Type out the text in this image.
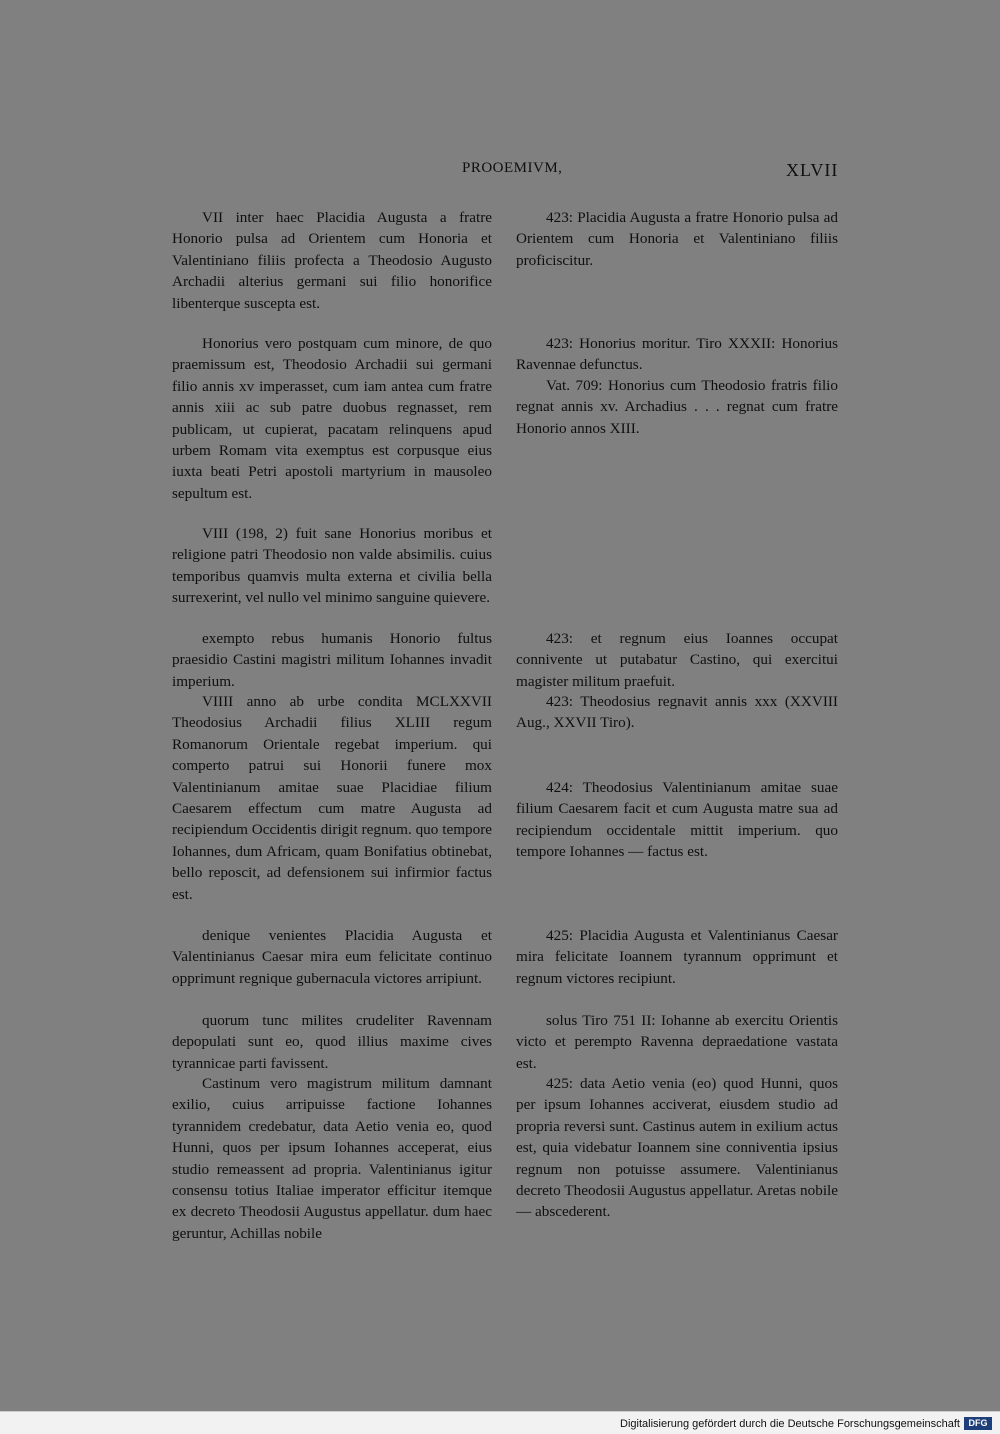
PROOEMIVM,	XLVII

VII inter haec Placidia Augusta a fratre Honorio pulsa ad Orientem cum Honoria et Valentiniano filiis profecta a Theodosio Augusto Archadii alterius germani sui filio honorifice libenterque suscepta est.

Honorius vero postquam cum minore, de quo praemissum est, Theodosio Archadii sui germani filio annis xv imperasset, cum iam antea cum fratre annis xiii ac sub patre duobus regnasset, rem publicam, ut cupierat, pacatam relinquens apud urbem Romam vita exemptus est corpusque eius iuxta beati Petri apostoli martyrium in mausoleo sepultum est.

VIII (198, 2) fuit sane Honorius moribus et religione patri Theodosio non valde absimilis. cuius temporibus quamvis multa externa et civilia bella surrexerint, vel nullo vel minimo sanguine quievere.

exempto rebus humanis Honorio fultus praesidio Castini magistri militum Iohannes invadit imperium.

VIIII anno ab urbe condita MCLXXVII Theodosius Archadii filius XLIII regum Romanorum Orientale regebat imperium. qui comperto patrui sui Honorii funere mox Valentinianum amitae suae Placidiae filium Caesarem effectum cum matre Augusta ad recipiendum Occidentis dirigit regnum. quo tempore Iohannes, dum Africam, quam Bonifatius obtinebat, bello reposcit, ad defensionem sui infirmior factus est.

denique venientes Placidia Augusta et Valentinianus Caesar mira eum felicitate continuo opprimunt regnique gubernacula victores arripiunt.

quorum tunc milites crudeliter Ravennam depopulati sunt eo, quod illius maxime cives tyrannicae parti favissent.

Castinum vero magistrum militum damnant exilio, cuius arripuisse factione Iohannes tyrannidem credebatur, data Aetio venia eo, quod Hunni, quos per ipsum Iohannes acceperat, eius studio remeassent ad propria. Valentinianus igitur consensu totius Italiae imperator efficitur itemque ex decreto Theodosii Augustus appellatur. dum haec geruntur, Achillas nobile

423: Placidia Augusta a fratre Honorio pulsa ad Orientem cum Honoria et Valentiniano filiis proficiscitur.

423: Honorius moritur. Tiro XXXII: Honorius Ravennae defunctus.

Vat. 709: Honorius cum Theodosio fratris filio regnat annis xv. Archadius . . . regnat cum fratre Honorio annos XIII.

423: et regnum eius Ioannes occupat connivente ut putabatur Castino, qui exercitui magister militum praefuit.

423: Theodosius regnavit annis xxx (XXVIII Aug., XXVII Tiro).

424: Theodosius Valentinianum amitae suae filium Caesarem facit et cum Augusta matre sua ad recipiendum occidentale mittit imperium. quo tempore Iohannes — factus est.

425: Placidia Augusta et Valentinianus Caesar mira felicitate Ioannem tyrannum opprimunt et regnum victores recipiunt.

solus Tiro 751 II: Iohanne ab exercitu Orientis victo et perempto Ravenna depraedatione vastata est.

425: data Aetio venia (eo) quod Hunni, quos per ipsum Iohannes acciverat, eiusdem studio ad propria reversi sunt. Castinus autem in exilium actus est, quia videbatur Ioannem sine conniventia ipsius regnum non potuisse assumere. Valentinianus decreto Theodosii Augustus appellatur. Aretas nobile — abscederent.

Digitalisierung gefördert durch die Deutsche Forschungsgemeinschaft DFG
